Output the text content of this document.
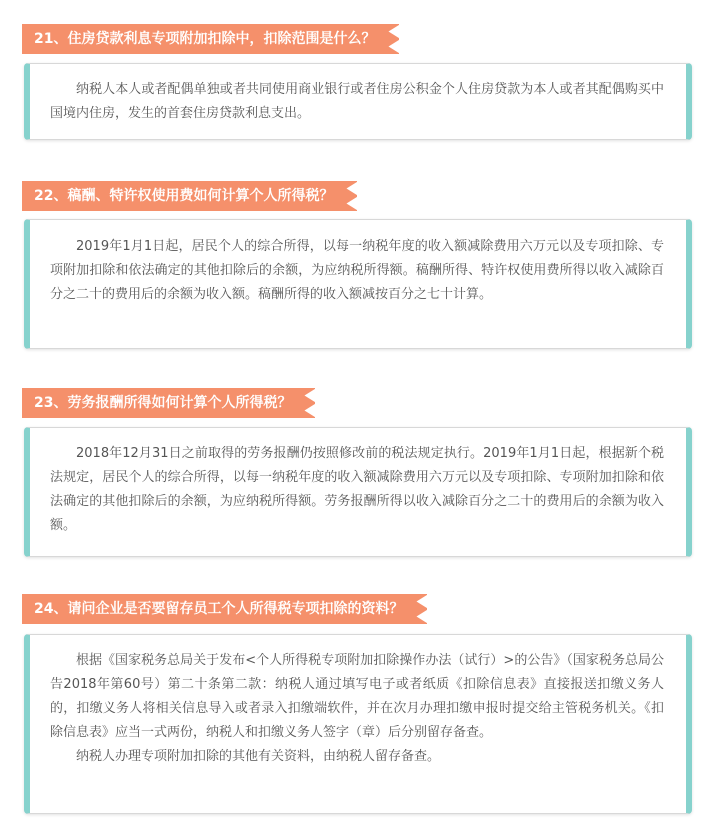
21、住房贷款利息专项附加扣除中，扣除范围是什么？

纳税人本人或者配偶单独或者共同使用商业银行或者住房公积金个人住房贷款为本人或者其配偶购买中国境内住房，发生的首套住房贷款利息支出。

22、稿酬、特许权使用费如何计算个人所得税？

2019年1月1日起，居民个人的综合所得，以每一纳税年度的收入额减除费用六万元以及专项扣除、专项附加扣除和依法确定的其他扣除后的余额，为应纳税所得额。稿酬所得、特许权使用费所得以收入减除百分之二十的费用后的余额为收入额。稿酬所得的收入额减按百分之七十计算。

23、劳务报酬所得如何计算个人所得税？

2018年12月31日之前取得的劳务报酬仍按照修改前的税法规定执行。2019年1月1日起，根据新个税法规定，居民个人的综合所得，以每一纳税年度的收入额减除费用六万元以及专项扣除、专项附加扣除和依法确定的其他扣除后的余额，为应纳税所得额。劳务报酬所得以收入减除百分之二十的费用后的余额为收入额。

24、请问企业是否要留存员工个人所得税专项扣除的资料？

根据《国家税务总局关于发布<个人所得税专项附加扣除操作办法（试行）>的公告》（国家税务总局公告2018年第60号）第二十条第二款：纳税人通过填写电子或者纸质《扣除信息表》直接报送扣缴义务人的，扣缴义务人将相关信息导入或者录入扣缴端软件，并在次月办理扣缴申报时提交给主管税务机关。《扣除信息表》应当一式两份，纳税人和扣缴义务人签字（章）后分别留存备查。

纳税人办理专项附加扣除的其他有关资料，由纳税人留存备查。
